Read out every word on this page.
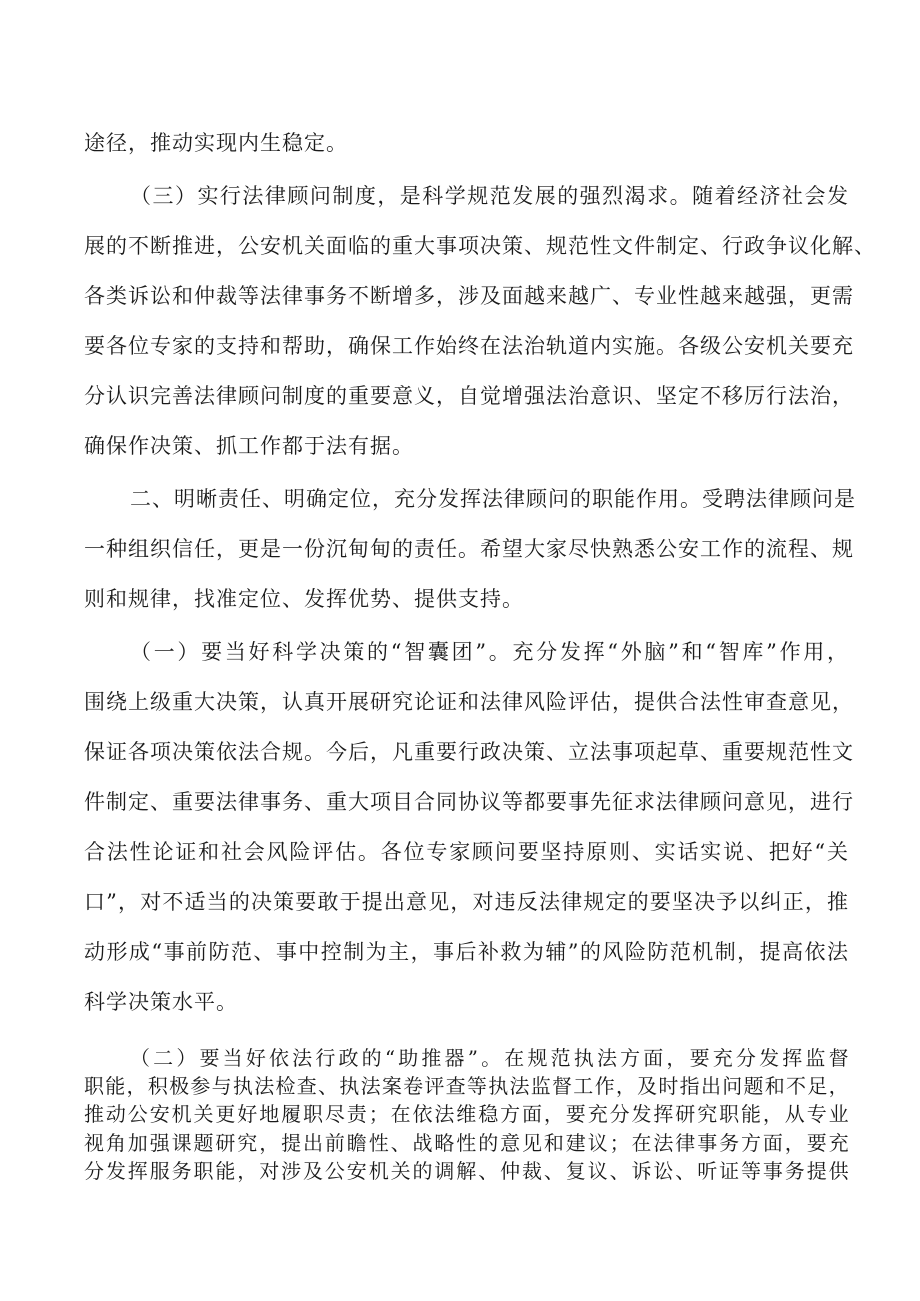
途径，推动实现内生稳定。
（三）实行法律顾问制度，是科学规范发展的强烈渴求。随着经济社会发
展的不断推进，公安机关面临的重大事项决策、规范性文件制定、行政争议化解、
各类诉讼和仲裁等法律事务不断增多，涉及面越来越广、专业性越来越强，更需
要各位专家的支持和帮助，确保工作始终在法治轨道内实施。各级公安机关要充
分认识完善法律顾问制度的重要意义，自觉增强法治意识、坚定不移厉行法治，
确保作决策、抓工作都于法有据。
二、明晰责任、明确定位，充分发挥法律顾问的职能作用。受聘法律顾问是
一种组织信任，更是一份沉甸甸的责任。希望大家尽快熟悉公安工作的流程、规
则和规律，找准定位、发挥优势、提供支持。
（一）要当好科学决策的“智囊团”。充分发挥“外脑”和“智库”作用，
围绕上级重大决策，认真开展研究论证和法律风险评估，提供合法性审查意见，
保证各项决策依法合规。今后，凡重要行政决策、立法事项起草、重要规范性文
件制定、重要法律事务、重大项目合同协议等都要事先征求法律顾问意见，进行
合法性论证和社会风险评估。各位专家顾问要坚持原则、实话实说、把好“关
口”，对不适当的决策要敢于提出意见，对违反法律规定的要坚决予以纠正，推
动形成“事前防范、事中控制为主，事后补救为辅”的风险防范机制，提高依法
科学决策水平。
（二）要当好依法行政的“助推器”。在规范执法方面，要充分发挥监督
职能，积极参与执法检查、执法案卷评查等执法监督工作，及时指出问题和不足，
推动公安机关更好地履职尽责；在依法维稳方面，要充分发挥研究职能，从专业
视角加强课题研究，提出前瞻性、战略性的意见和建议；在法律事务方面，要充
分发挥服务职能，对涉及公安机关的调解、仲裁、复议、诉讼、听证等事务提供
